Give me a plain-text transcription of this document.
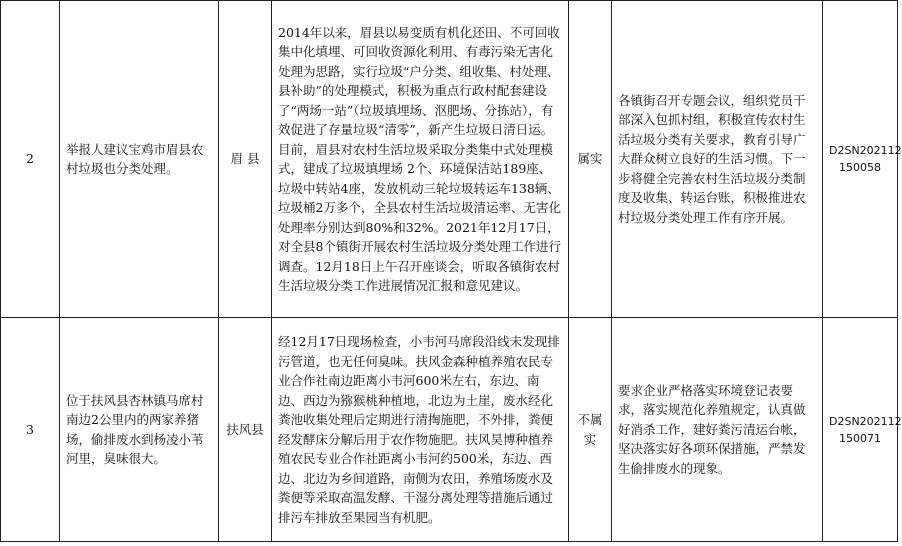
2	举报人建议宝鸡市眉县农村垃圾也分类处理。	眉 县	2014年以来，眉县以易变质有机化还田、不可回收集中化填埋、可回收资源化利用、有毒污染无害化处理为思路，实行垃圾“户分类、组收集、村处理、县补助”的处理模式，积极为重点行政村配套建设了“两场一站”（垃圾填埋场、沤肥场、分拣站），有效促进了存量垃圾“清零”，新产生垃圾日清日运。目前，眉县对农村生活垃圾采取分类集中式处理模式，建成了垃圾填埋场 2个、环境保洁站189座、垃圾中转站4座，发放机动三轮垃圾转运车138辆、垃圾桶2万多个，全县农村生活垃圾清运率、无害化处理率分别达到80%和32%。2021年12月17日，对全县8个镇街开展农村生活垃圾分类处理工作进行调查。12月18日上午召开座谈会，听取各镇街农村生活垃圾分类工作进展情况汇报和意见建议。	属实	各镇街召开专题会议，组织党员干部深入包抓村组，积极宣传农村生活垃圾分类有关要求，教育引导广大群众树立良好的生活习惯。下一步将健全完善农村生活垃圾分类制度及收集、转运台账，积极推进农村垃圾分类处理工作有序开展。	D2SN202112
150058

3	位于扶风县杏林镇马席村南边2公里内的两家养猪场，偷排废水到杨凌小苇河里，臭味很大。	扶风县	经12月17日现场检查，小韦河马席段沿线未发现排污管道，也无任何臭味。扶风金森种植养殖农民专业合作社南边距离小韦河600米左右，东边、南边、西边为猕猴桃种植地，北边为土崖，废水经化粪池收集处理后定期进行清掏施肥，不外排，粪便经发酵床分解后用于农作物施肥。扶风昊博种植养殖农民专业合作社距离小韦河约500米，东边、西边、北边为乡间道路，南侧为农田，养殖场废水及粪便等采取高温发酵、干湿分离处理等措施后通过排污车排放至果园当有机肥。	不属实	要求企业严格落实环境登记表要求，落实规范化养殖规定，认真做好消杀工作，建好粪污清运台帐，坚决落实好各项环保措施，严禁发生偷排废水的现象。	D2SN202112
150071
